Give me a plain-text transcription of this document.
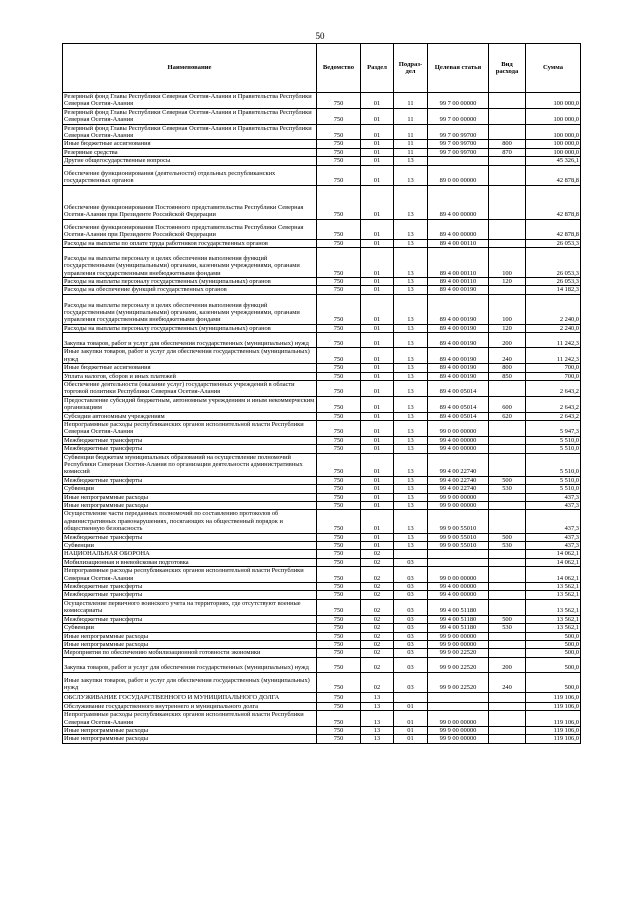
50
Наименование	Ведомство	Раздел	Подраз-дел	Целевая статья	Вид расхода	Сумма
Резервный фонд Главы Республики Северная Осетия-Алания и Правительства Республики Северная Осетия-Алания	750	01	11	99 7 00 00000		100 000,0
Резервный фонд Главы Республики Северная Осетия-Алания и Правительства Республики Северная Осетия-Алания	750	01	11	99 7 00 00000		100 000,0
Резервный фонд Главы Республики Северная Осетия-Алания и Правительства Республики Северная Осетия-Алания	750	01	11	99 7 00 99700		100 000,0
Иные бюджетные ассигнования	750	01	11	99 7 00 99700	800	100 000,0
Резервные средства	750	01	11	99 7 00 99700	870	100 000,0
Другие общегосударственные вопросы	750	01	13			45 326,1
Обеспечение функционирования (деятельности) отдельных республиканских государственных органов	750	01	13	89 0 00 00000		42 878,8
Обеспечение функционирования Постоянного представительства Республики Северная Осетия-Алания при Президенте Российской Федерации	750	01	13	89 4 00 00000		42 878,8
Обеспечение функционирования Постоянного представительства Республики Северная Осетия-Алания при Президенте Российской Федерации	750	01	13	89 4 00 00000		42 878,8
Расходы на выплаты по оплате труда работников государственных органов	750	01	13	89 4 00 00110		26 053,3
Расходы на выплаты персоналу в целях обеспечения выполнения функций государственными (муниципальными) органами, казенными учреждениями, органами управления государственными внебюджетными фондами	750	01	13	89 4 00 00110	100	26 053,3
Расходы на выплаты персоналу государственных (муниципальных) органов	750	01	13	89 4 00 00110	120	26 053,3
Расходы на обеспечение функций государственных органов	750	01	13	89 4 00 00190		14 182,3
Расходы на выплаты персоналу в целях обеспечения выполнения функций государственными (муниципальными) органами, казенными учреждениями, органами управления государственными внебюджетными фондами	750	01	13	89 4 00 00190	100	2 240,0
Расходы на выплаты персоналу государственных (муниципальных) органов	750	01	13	89 4 00 00190	120	2 240,0
Закупка товаров, работ и услуг для обеспечения государственных (муниципальных) нужд	750	01	13	89 4 00 00190	200	11 242,3
Иные закупки товаров, работ и услуг для обеспечения государственных (муниципальных) нужд	750	01	13	89 4 00 00190	240	11 242,3
Иные бюджетные ассигнования	750	01	13	89 4 00 00190	800	700,0
Уплата налогов, сборов и иных платежей	750	01	13	89 4 00 00190	850	700,0
Обеспечение деятельности (оказание услуг) государственных учреждений в области торговой политики Республики Северная Осетия-Алания	750	01	13	89 4 00 05014		2 643,2
Предоставление субсидий бюджетным, автономным учреждениям и иным некоммерческим организациям	750	01	13	89 4 00 05014	600	2 643,2
Субсидии автономным учреждениям	750	01	13	89 4 00 05014	620	2 643,2
Непрограммные расходы республиканских органов исполнительной власти Республики Северная Осетия-Алания	750	01	13	99 0 00 00000		5 947,3
Межбюджетные трансферты	750	01	13	99 4 00 00000		5 510,0
Межбюджетные трансферты	750	01	13	99 4 00 00000		5 510,0
Субвенции бюджетам муниципальных образований на осуществление полномочий Республики Северная Осетия-Алания по организации деятельности административных комиссий	750	01	13	99 4 00 22740		5 510,0
Межбюджетные трансферты	750	01	13	99 4 00 22740	500	5 510,0
Субвенции	750	01	13	99 4 00 22740	530	5 510,0
Иные непрограммные расходы	750	01	13	99 9 00 00000		437,3
Иные непрограммные расходы	750	01	13	99 9 00 00000		437,3
Осуществление части переданных полномочий по составлению протоколов об административных правонарушениях, посягающих на общественный порядок и общественную безопасность	750	01	13	99 9 00 55010		437,3
Межбюджетные трансферты	750	01	13	99 9 00 55010	500	437,3
Субвенции	750	01	13	99 9 00 55010	530	437,3
НАЦИОНАЛЬНАЯ ОБОРОНА	750	02				14 062,1
Мобилизационная и вневойсковая подготовка	750	02	03			14 062,1
Непрограммные расходы республиканских органов исполнительной власти Республики Северная Осетия-Алания	750	02	03	99 0 00 00000		14 062,1
Межбюджетные трансферты	750	02	03	99 4 00 00000		13 562,1
Межбюджетные трансферты	750	02	03	99 4 00 00000		13 562,1
Осуществление первичного воинского учета на территориях, где отсутствуют военные комиссариаты	750	02	03	99 4 00 51180		13 562,1
Межбюджетные трансферты	750	02	03	99 4 00 51180	500	13 562,1
Субвенции	750	02	03	99 4 00 51180	530	13 562,1
Иные непрограммные расходы	750	02	03	99 9 00 00000		500,0
Иные непрограммные расходы	750	02	03	99 9 00 00000		500,0
Мероприятия по обеспечению мобилизационной готовности экономики	750	02	03	99 9 00 22520		500,0
Закупка товаров, работ и услуг для обеспечения государственных (муниципальных) нужд	750	02	03	99 9 00 22520	200	500,0
Иные закупки товаров, работ и услуг для обеспечения государственных (муниципальных) нужд	750	02	03	99 9 00 22520	240	500,0
ОБСЛУЖИВАНИЕ ГОСУДАРСТВЕННОГО И МУНИЦИПАЛЬНОГО ДОЛГА	750	13				119 106,0
Обслуживание государственного внутреннего и муниципального долга	750	13	01			119 106,0
Непрограммные расходы республиканских органов исполнительной власти Республики Северная Осетия-Алания	750	13	01	99 0 00 00000		119 106,0
Иные непрограммные расходы	750	13	01	99 9 00 00000		119 106,0
Иные непрограммные расходы	750	13	01	99 9 00 00000		119 106,0
